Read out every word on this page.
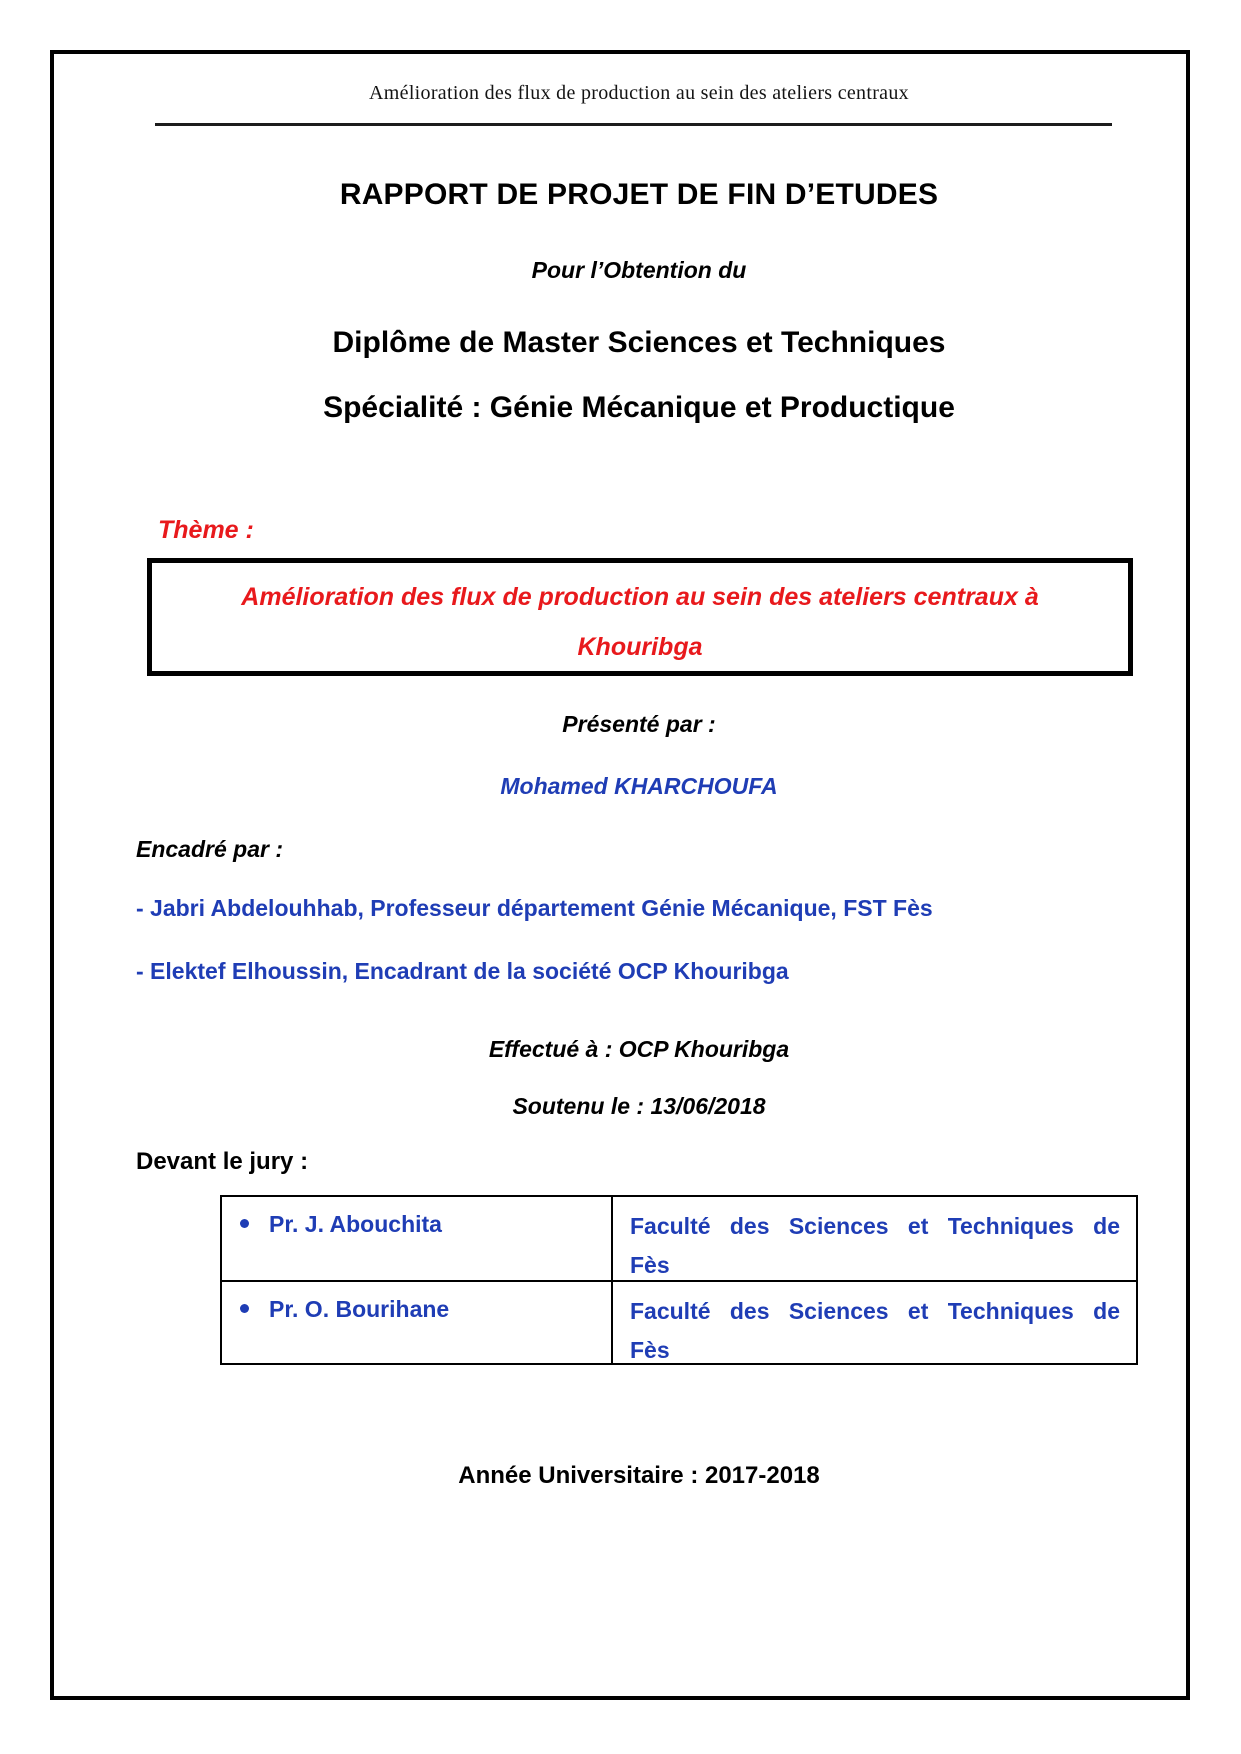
Amélioration des flux de production au sein des ateliers centraux
RAPPORT DE PROJET DE FIN D’ETUDES
Pour l’Obtention du
Diplôme de Master Sciences et Techniques
Spécialité : Génie Mécanique et Productique
Thème :
Amélioration des flux de production au sein des ateliers centraux à
Khouribga
Présenté par :
Mohamed KHARCHOUFA
Encadré par :
- Jabri Abdelouhhab, Professeur département Génie Mécanique, FST Fès
- Elektef Elhoussin, Encadrant de la société OCP Khouribga
Effectué à : OCP Khouribga
Soutenu le : 13/06/2018
Devant le jury :
Pr. J. Abouchita	Faculté des Sciences et Techniques de
Fès
Pr. O. Bourihane	Faculté des Sciences et Techniques de
Fès
Année Universitaire : 2017-2018
